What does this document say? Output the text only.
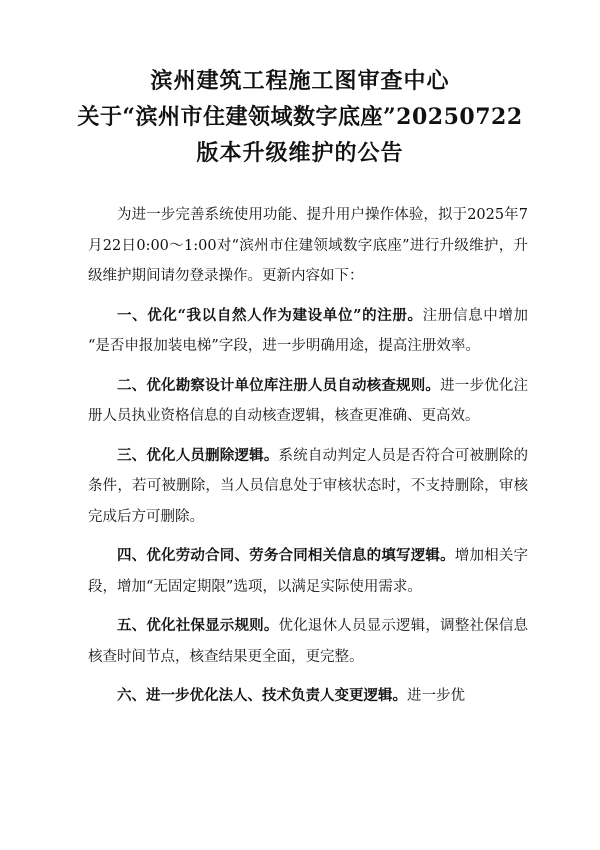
滨州建筑工程施工图审查中心
关于“滨州市住建领域数字底座”20250722
版本升级维护的公告

为进一步完善系统使用功能、提升用户操作体验，拟于2025年7月22日0:00～1:00对“滨州市住建领域数字底座”进行升级维护，升级维护期间请勿登录操作。更新内容如下：

一、优化“我以自然人作为建设单位”的注册。注册信息中增加 “是否申报加装电梯”字段，进一步明确用途，提高注册效率。

二、优化勘察设计单位库注册人员自动核查规则。进一步优化注册人员执业资格信息的自动核查逻辑，核查更准确、更高效。

三、优化人员删除逻辑。系统自动判定人员是否符合可被删除的条件，若可被删除，当人员信息处于审核状态时，不支持删除，审核完成后方可删除。

四、优化劳动合同、劳务合同相关信息的填写逻辑。增加相关字段，增加“无固定期限”选项，以满足实际使用需求。

五、优化社保显示规则。优化退休人员显示逻辑，调整社保信息核查时间节点，核查结果更全面，更完整。

六、进一步优化法人、技术负责人变更逻辑。进一步优
